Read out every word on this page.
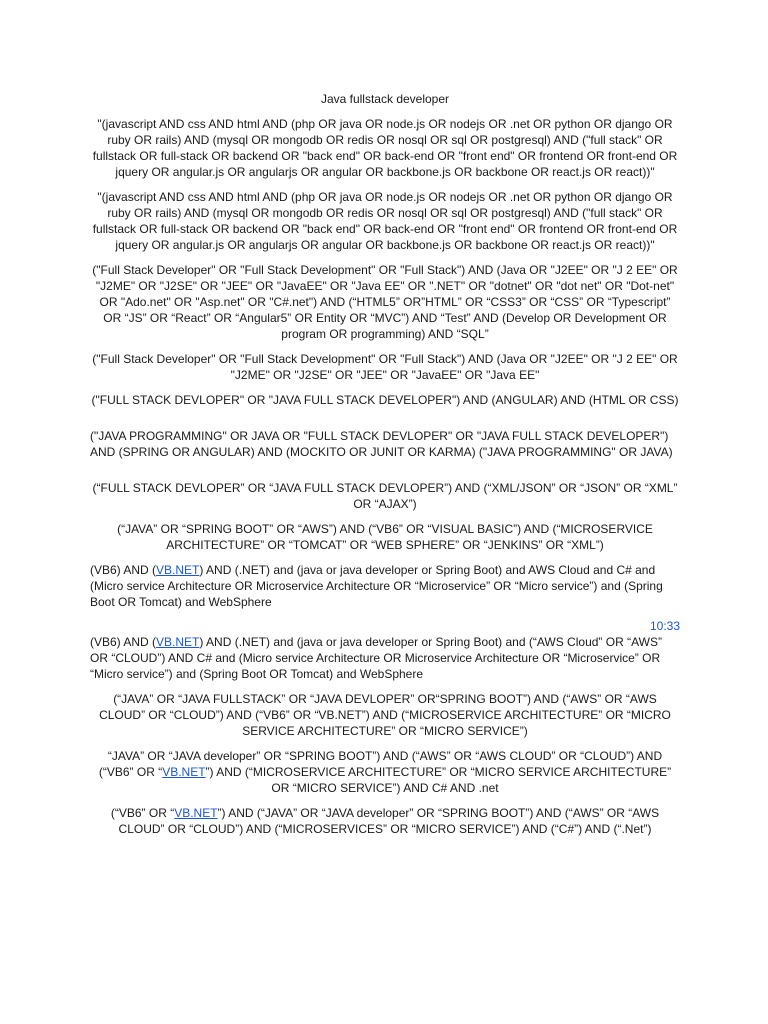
Java fullstack developer

"(javascript AND css AND html AND (php OR java OR node.js OR nodejs OR .net OR python OR django OR ruby OR rails) AND (mysql OR mongodb OR redis OR nosql OR sql OR postgresql) AND ("full stack" OR fullstack OR full-stack OR backend OR "back end" OR back-end OR "front end" OR frontend OR front-end OR jquery OR angular.js OR angularjs OR angular OR backbone.js OR backbone OR react.js OR react))"

"(javascript AND css AND html AND (php OR java OR node.js OR nodejs OR .net OR python OR django OR ruby OR rails) AND (mysql OR mongodb OR redis OR nosql OR sql OR postgresql) AND ("full stack" OR fullstack OR full-stack OR backend OR "back end" OR back-end OR "front end" OR frontend OR front-end OR jquery OR angular.js OR angularjs OR angular OR backbone.js OR backbone OR react.js OR react))"

("Full Stack Developer" OR "Full Stack Development" OR "Full Stack") AND (Java OR "J2EE" OR "J 2 EE" OR "J2ME" OR "J2SE" OR "JEE" OR "JavaEE" OR "Java EE" OR ".NET" OR "dotnet" OR "dot net" OR "Dot-net" OR "Ado.net" OR "Asp.net" OR "C#.net") AND (“HTML5” OR”HTML” OR “CSS3” OR “CSS” OR “Typescript” OR “JS” OR “React” OR “Angular5” OR Entity OR “MVC”) AND “Test” AND (Develop OR Development OR program OR programming) AND “SQL”

("Full Stack Developer" OR "Full Stack Development" OR "Full Stack") AND (Java OR "J2EE" OR "J 2 EE" OR "J2ME" OR "J2SE" OR "JEE" OR "JavaEE" OR "Java EE"

("FULL STACK DEVLOPER" OR "JAVA FULL STACK DEVELOPER") AND (ANGULAR) AND (HTML OR CSS)

("JAVA PROGRAMMING" OR JAVA OR "FULL STACK DEVLOPER" OR "JAVA FULL STACK DEVELOPER") AND (SPRING OR ANGULAR) AND (MOCKITO OR JUNIT OR KARMA) ("JAVA PROGRAMMING" OR JAVA)

(“FULL STACK DEVLOPER” OR “JAVA FULL STACK DEVLOPER”) AND (“XML/JSON” OR “JSON” OR “XML” OR “AJAX”)

(“JAVA” OR “SPRING BOOT” OR “AWS”) AND (“VB6” OR “VISUAL BASIC”) AND (“MICROSERVICE ARCHITECTURE” OR “TOMCAT” OR “WEB SPHERE” OR “JENKINS” OR “XML”)

(VB6) AND (VB.NET) AND (.NET) and (java or java developer or Spring Boot) and AWS Cloud and C# and (Micro service Architecture OR Microservice Architecture OR “Microservice” OR “Micro service”) and (Spring Boot OR Tomcat) and WebSphere

10:33

(VB6) AND (VB.NET) AND (.NET) and (java or java developer or Spring Boot) and (“AWS Cloud” OR “AWS” OR “CLOUD”) AND C# and (Micro service Architecture OR Microservice Architecture OR “Microservice” OR “Micro service”) and (Spring Boot OR Tomcat) and WebSphere

(“JAVA” OR “JAVA FULLSTACK” OR “JAVA DEVLOPER” OR“SPRING BOOT”) AND (“AWS” OR “AWS CLOUD” OR “CLOUD”) AND (“VB6” OR “VB.NET”) AND (“MICROSERVICE ARCHITECTURE” OR “MICRO SERVICE ARCHITECTURE” OR “MICRO SERVICE”)

“JAVA” OR “JAVA developer” OR “SPRING BOOT”) AND (“AWS” OR “AWS CLOUD” OR “CLOUD”) AND (“VB6” OR “VB.NET”) AND (“MICROSERVICE ARCHITECTURE” OR “MICRO SERVICE ARCHITECTURE” OR “MICRO SERVICE”) AND C# AND .net

(“VB6” OR “VB.NET”) AND (“JAVA” OR “JAVA developer” OR “SPRING BOOT”) AND (“AWS” OR “AWS CLOUD” OR “CLOUD”) AND (“MICROSERVICES” OR “MICRO SERVICE”) AND (“C#”) AND (“.Net”)
